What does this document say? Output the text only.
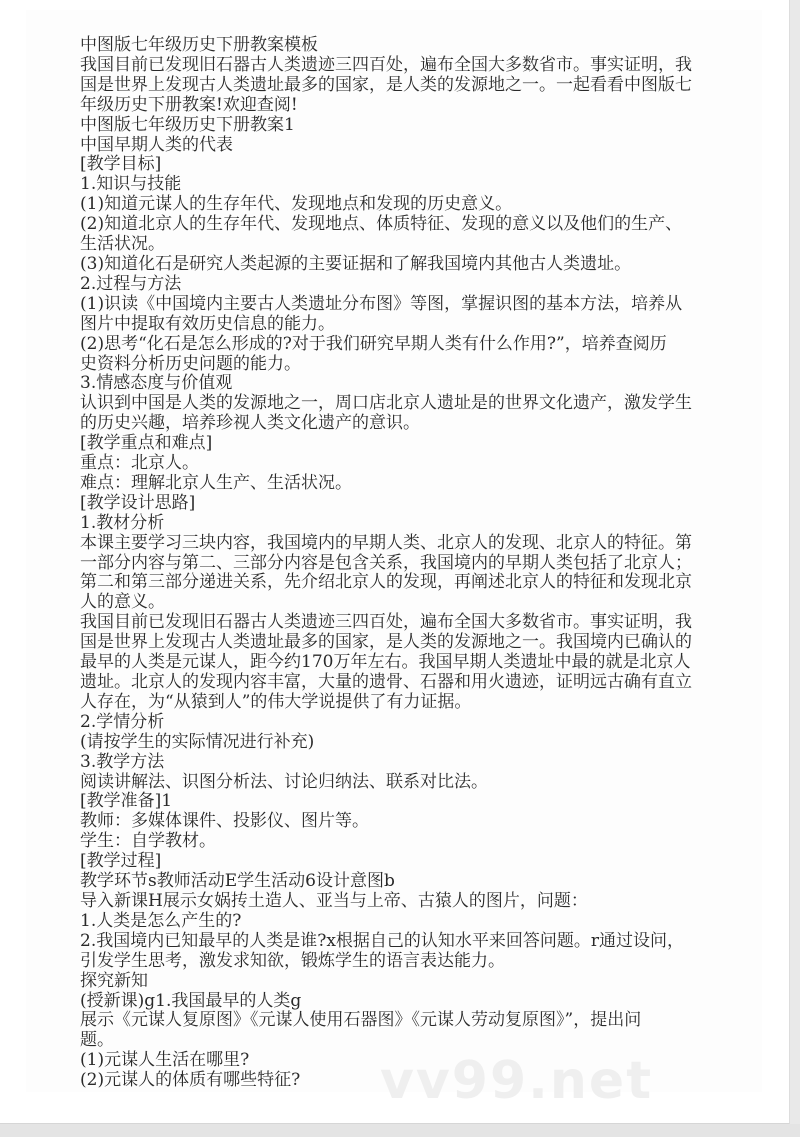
中图版七年级历史下册教案模板
我国目前已发现旧石器古人类遗迹三四百处，遍布全国大多数省市。事实证明，我
国是世界上发现古人类遗址最多的国家，是人类的发源地之一。一起看看中图版七
年级历史下册教案!欢迎查阅!
中图版七年级历史下册教案1
中国早期人类的代表
[教学目标]
1.知识与技能
(1)知道元谋人的生存年代、发现地点和发现的历史意义。
(2)知道北京人的生存年代、发现地点、体质特征、发现的意义以及他们的生产、
生活状况。
(3)知道化石是研究人类起源的主要证据和了解我国境内其他古人类遗址。
2.过程与方法
(1)识读《中国境内主要古人类遗址分布图》等图，掌握识图的基本方法，培养从
图片中提取有效历史信息的能力。
(2)思考“化石是怎么形成的?对于我们研究早期人类有什么作用?”，培养查阅历
史资料分析历史问题的能力。
3.情感态度与价值观
认识到中国是人类的发源地之一，周口店北京人遗址是的世界文化遗产，激发学生
的历史兴趣，培养珍视人类文化遗产的意识。
[教学重点和难点]
重点：北京人。
难点：理解北京人生产、生活状况。
[教学设计思路]
1.教材分析
本课主要学习三块内容，我国境内的早期人类、北京人的发现、北京人的特征。第
一部分内容与第二、三部分内容是包含关系，我国境内的早期人类包括了北京人；
第二和第三部分递进关系，先介绍北京人的发现，再阐述北京人的特征和发现北京
人的意义。
我国目前已发现旧石器古人类遗迹三四百处，遍布全国大多数省市。事实证明，我
国是世界上发现古人类遗址最多的国家，是人类的发源地之一。我国境内已确认的
最早的人类是元谋人，距今约170万年左右。我国早期人类遗址中最的就是北京人
遗址。北京人的发现内容丰富，大量的遗骨、石器和用火遗迹，证明远古确有直立
人存在，为“从猿到人”的伟大学说提供了有力证据。
2.学情分析
(请按学生的实际情况进行补充)
3.教学方法
阅读讲解法、识图分析法、讨论归纳法、联系对比法。
[教学准备]1
教师：多媒体课件、投影仪、图片等。
学生：自学教材。
[教学过程]
教学环节s教师活动E学生活动6设计意图b
导入新课H展示女娲抟土造人、亚当与上帝、古猿人的图片，问题：
1.人类是怎么产生的?
2.我国境内已知最早的人类是谁?x根据自己的认知水平来回答问题。r通过设问，
引发学生思考，激发求知欲，锻炼学生的语言表达能力。
探究新知
(授新课)g1.我国最早的人类g
展示《元谋人复原图》《元谋人使用石器图》《元谋人劳动复原图》”，提出问
题。
(1)元谋人生活在哪里?
(2)元谋人的体质有哪些特征?	vv99.net
